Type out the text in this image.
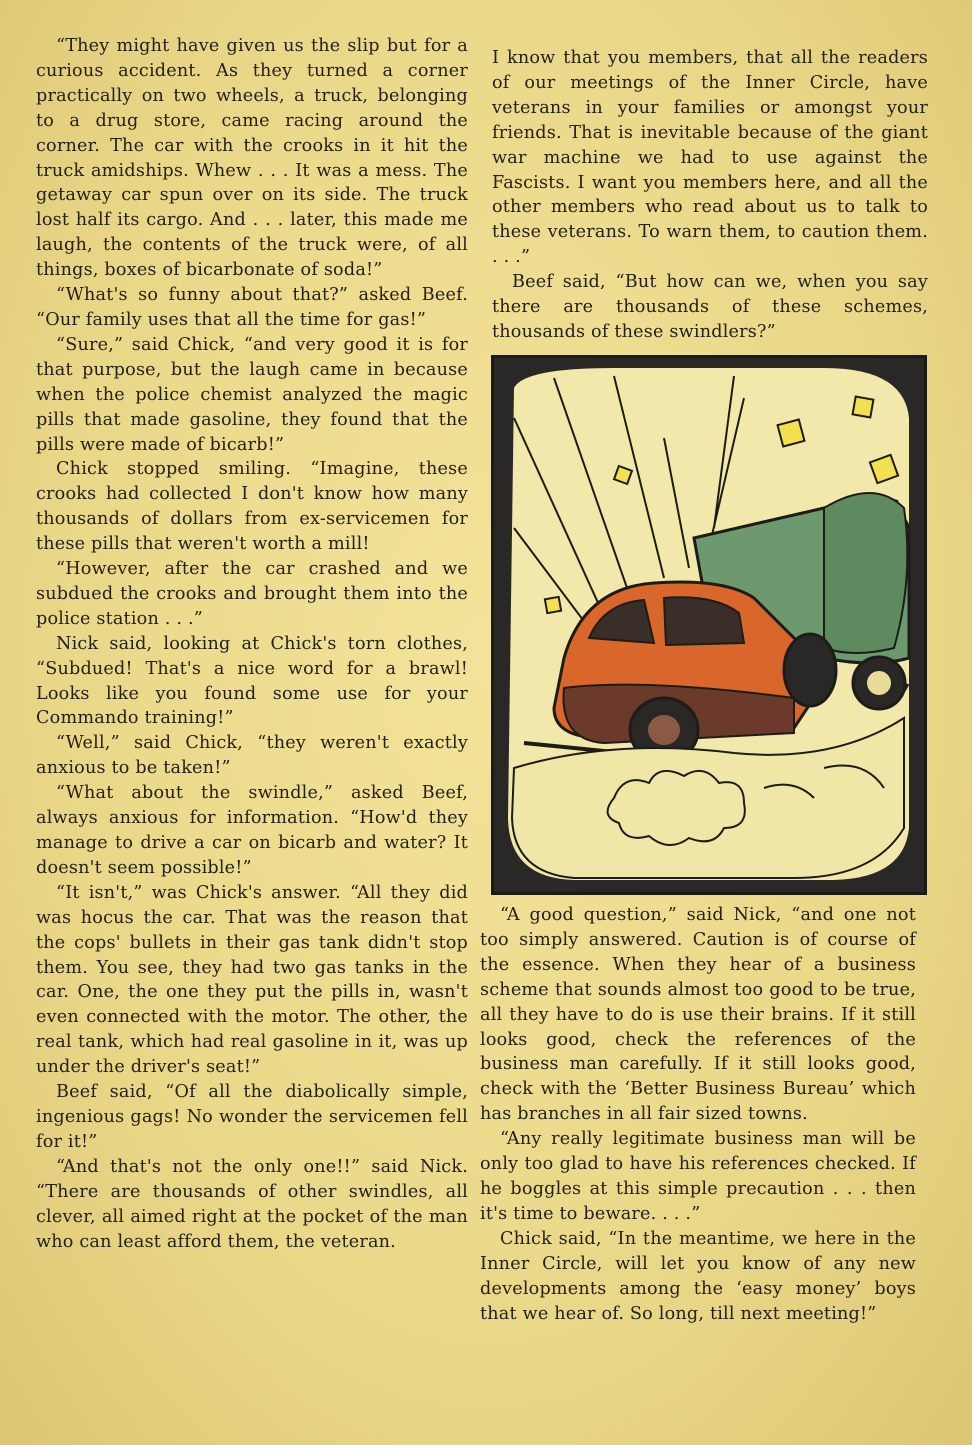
“They might have given us the slip but for a curious accident. As they turned a corner practically on two wheels, a truck, belonging to a drug store, came racing around the corner. The car with the crooks in it hit the truck amidships. Whew . . . It was a mess. The getaway car spun over on its side. The truck lost half its cargo. And . . . later, this made me laugh, the contents of the truck were, of all things, boxes of bicarbonate of soda!”

“What's so funny about that?” asked Beef. “Our family uses that all the time for gas!”

“Sure,” said Chick, “and very good it is for that purpose, but the laugh came in because when the police chemist analyzed the magic pills that made gasoline, they found that the pills were made of bicarb!”

Chick stopped smiling. “Imagine, these crooks had collected I don't know how many thousands of dollars from ex-servicemen for these pills that weren't worth a mill!

“However, after the car crashed and we subdued the crooks and brought them into the police station . . .”

Nick said, looking at Chick's torn clothes, “Subdued! That's a nice word for a brawl! Looks like you found some use for your Commando training!”

“Well,” said Chick, “they weren't exactly anxious to be taken!”

“What about the swindle,” asked Beef, always anxious for information. “How'd they manage to drive a car on bicarb and water? It doesn't seem possible!”

“It isn't,” was Chick's answer. “All they did was hocus the car. That was the reason that the cops' bullets in their gas tank didn't stop them. You see, they had two gas tanks in the car. One, the one they put the pills in, wasn't even connected with the motor. The other, the real tank, which had real gasoline in it, was up under the driver's seat!”

Beef said, “Of all the diabolically simple, ingenious gags! No wonder the servicemen fell for it!”

“And that's not the only one!!” said Nick. “There are thousands of other swindles, all clever, all aimed right at the pocket of the man who can least afford them, the veteran.

I know that you members, that all the readers of our meetings of the Inner Circle, have veterans in your families or amongst your friends. That is inevitable because of the giant war machine we had to use against the Fascists. I want you members here, and all the other members who read about us to talk to these veterans. To warn them, to caution them. . . .”

Beef said, “But how can we, when you say there are thousands of these schemes, thousands of these swindlers?”

“A good question,” said Nick, “and one not too simply answered. Caution is of course of the essence. When they hear of a business scheme that sounds almost too good to be true, all they have to do is use their brains. If it still looks good, check the references of the business man carefully. If it still looks good, check with the ‘Better Business Bureau’ which has branches in all fair sized towns.

“Any really legitimate business man will be only too glad to have his references checked. If he boggles at this simple precaution . . . then it's time to beware. . . .”

Chick said, “In the meantime, we here in the Inner Circle, will let you know of any new developments among the ‘easy money’ boys that we hear of. So long, till next meeting!”
